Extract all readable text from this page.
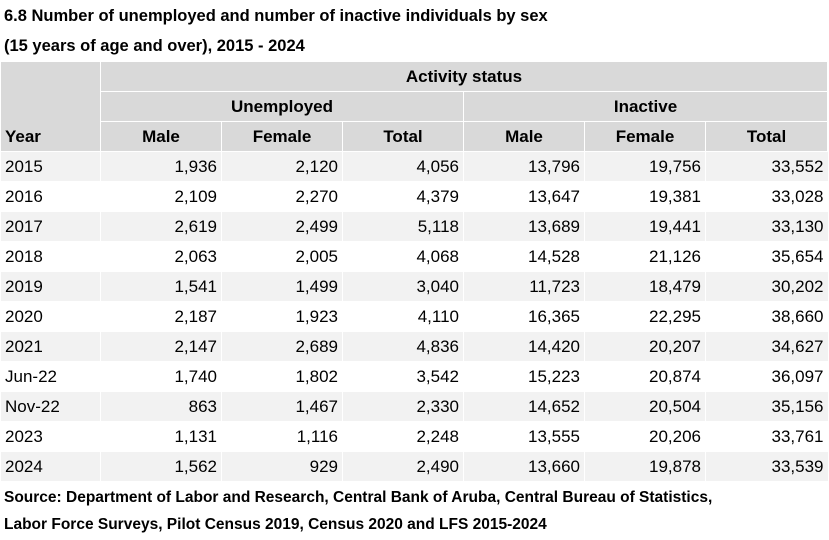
6.8 Number of unemployed and number of inactive individuals by sex
(15 years of age and over), 2015 - 2024
Year	Activity status					
	Unemployed			Inactive		
	Male	Female	Total	Male	Female	Total
2015	1,936	2,120	4,056	13,796	19,756	33,552
2016	2,109	2,270	4,379	13,647	19,381	33,028
2017	2,619	2,499	5,118	13,689	19,441	33,130
2018	2,063	2,005	4,068	14,528	21,126	35,654
2019	1,541	1,499	3,040	11,723	18,479	30,202
2020	2,187	1,923	4,110	16,365	22,295	38,660
2021	2,147	2,689	4,836	14,420	20,207	34,627
Jun-22	1,740	1,802	3,542	15,223	20,874	36,097
Nov-22	863	1,467	2,330	14,652	20,504	35,156
2023	1,131	1,116	2,248	13,555	20,206	33,761
2024	1,562	929	2,490	13,660	19,878	33,539
Source: Department of Labor and Research, Central Bank of Aruba, Central Bureau of Statistics,
Labor Force Surveys, Pilot Census 2019, Census 2020 and LFS 2015-2024
